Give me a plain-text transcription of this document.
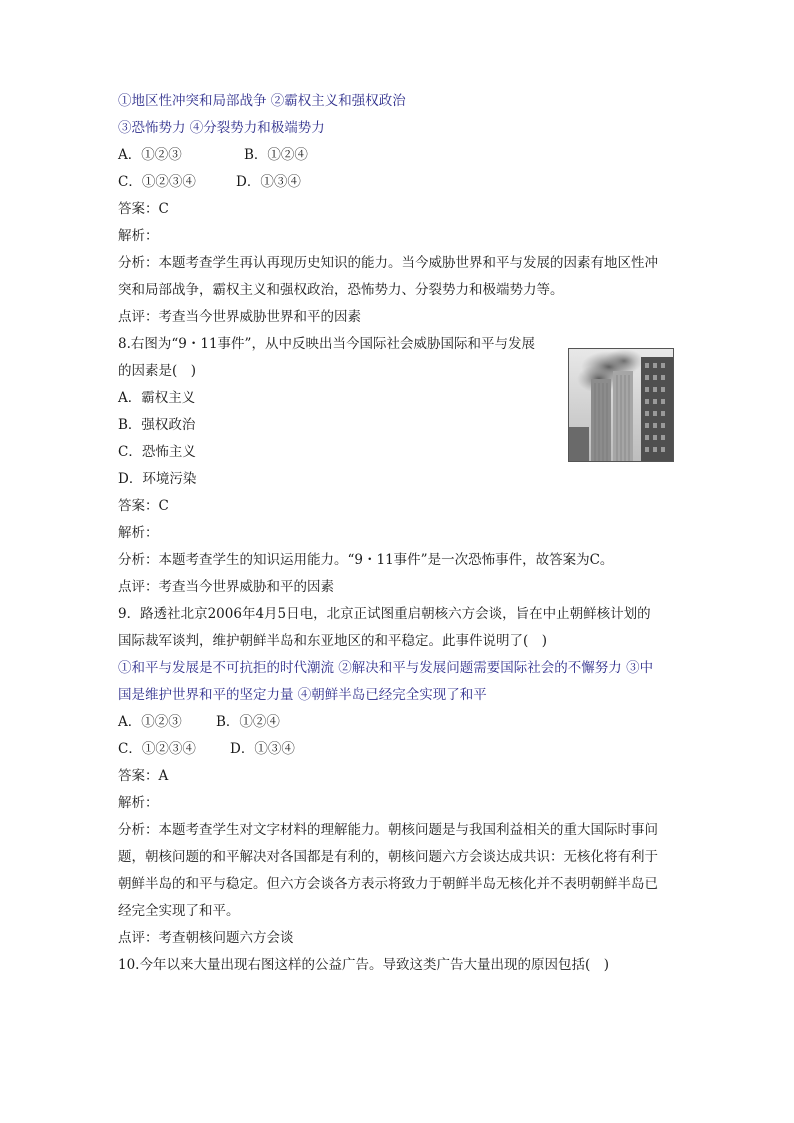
①地区性冲突和局部战争 ②霸权主义和强权政治
③恐怖势力 ④分裂势力和极端势力
A．①②③	B．①②④
C．①②③④	D．①③④
答案：C
解析：
分析：本题考查学生再认再现历史知识的能力。当今威胁世界和平与发展的因素有地区性冲
突和局部战争，霸权主义和强权政治，恐怖势力、分裂势力和极端势力等。
点评：考查当今世界威胁世界和平的因素
8.右图为“9・11事件”，从中反映出当今国际社会威胁国际和平与发展
的因素是(　)
A．霸权主义
B．强权政治
C．恐怖主义
D．环境污染
答案：C
解析：
分析：本题考查学生的知识运用能力。“9・11事件”是一次恐怖事件，故答案为C。
点评：考查当今世界威胁和平的因素
9．路透社北京2006年4月5日电，北京正试图重启朝核六方会谈，旨在中止朝鲜核计划的
国际裁军谈判，维护朝鲜半岛和东亚地区的和平稳定。此事件说明了(　)
①和平与发展是不可抗拒的时代潮流 ②解决和平与发展问题需要国际社会的不懈努力 ③中
国是维护世界和平的坚定力量 ④朝鲜半岛已经完全实现了和平
A．①②③	B．①②④
C．①②③④	D．①③④
答案：A
解析：
分析：本题考查学生对文字材料的理解能力。朝核问题是与我国利益相关的重大国际时事问
题，朝核问题的和平解决对各国都是有利的，朝核问题六方会谈达成共识：无核化将有利于
朝鲜半岛的和平与稳定。但六方会谈各方表示将致力于朝鲜半岛无核化并不表明朝鲜半岛已
经完全实现了和平。
点评：考查朝核问题六方会谈
10.今年以来大量出现右图这样的公益广告。导致这类广告大量出现的原因包括(　)
